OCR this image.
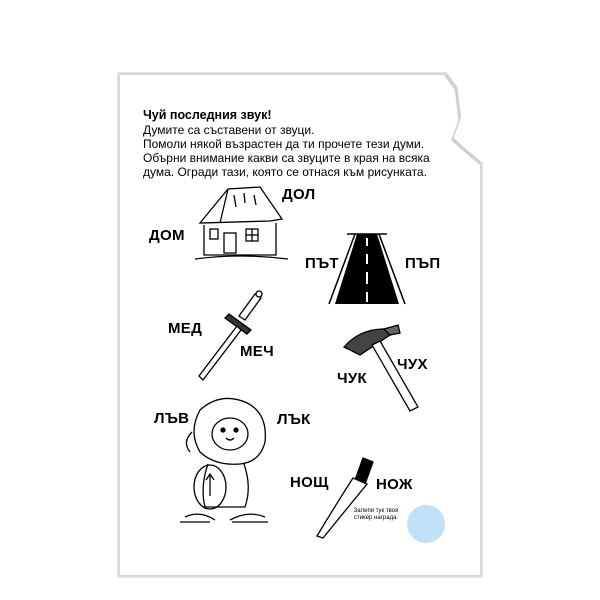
Чуй последния звук!
Думите са съставени от звуци.
Помоли някой възрастен да ти прочете тези думи.
Обърни внимание какви са звуците в края на всяка
дума. Огради тази, която се отнася към рисунката.
ДОЛ
ДОМ
ПЪТ	ПЪП
МЕД
МЕЧ
ЧУХ
ЧУК
ЛЪВ	ЛЪК
НОЩ	НОЖ
Залепи тук твоя стикер награда.
